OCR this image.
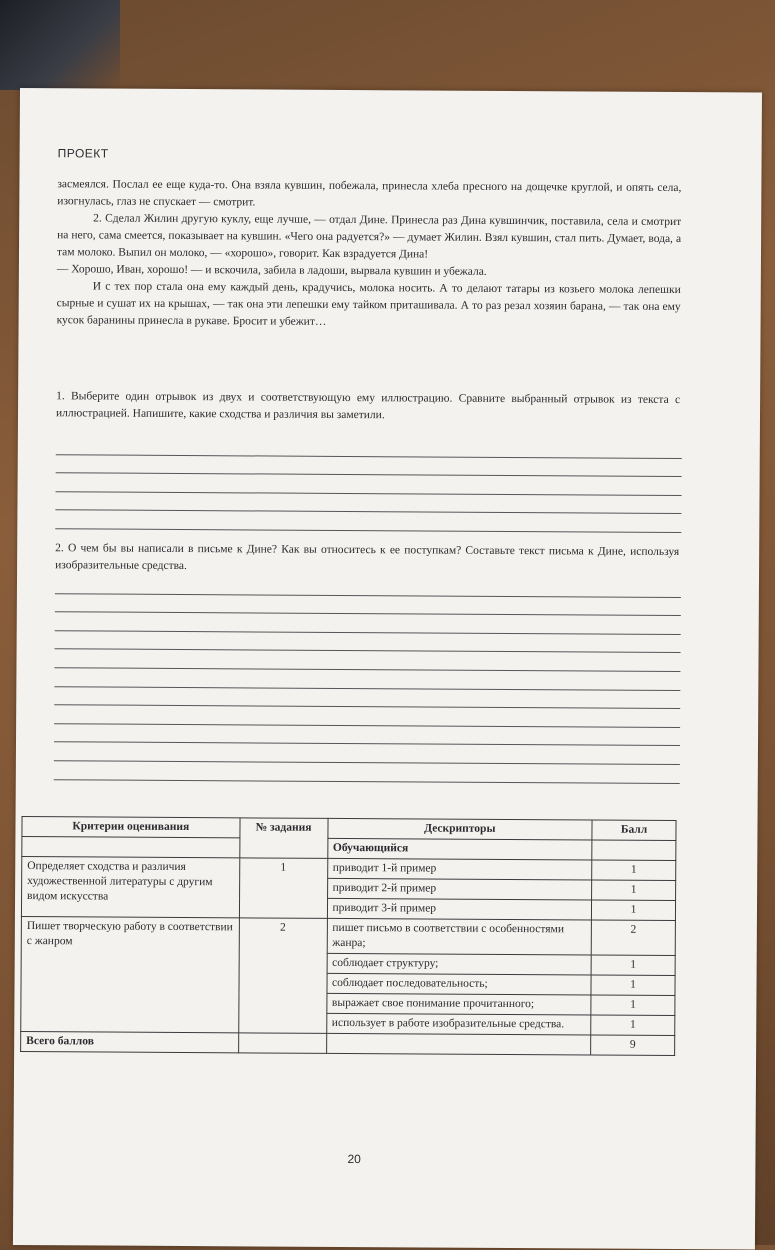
ПРОЕКТ

засмеялся. Послал ее еще куда-то. Она взяла кувшин, побежала, принесла хлеба пресного на дощечке круглой, и опять села, изогнулась, глаз не спускает — смотрит.

2. Сделал Жилин другую куклу, еще лучше, — отдал Дине. Принесла раз Дина кувшинчик, поставила, села и смотрит на него, сама смеется, показывает на кувшин. «Чего она радуется?» — думает Жилин. Взял кувшин, стал пить. Думает, вода, а там молоко. Выпил он молоко, — «хорошо», говорит. Как взрадуется Дина!

— Хорошо, Иван, хорошо! — и вскочила, забила в ладоши, вырвала кувшин и убежала.

И с тех пор стала она ему каждый день, крадучись, молока носить. А то делают татары из козьего молока лепешки сырные и сушат их на крышах, — так она эти лепешки ему тайком приташивала. А то раз резал хозяин барана, — так она ему кусок баранины принесла в рукаве. Бросит и убежит…

1. Выберите один отрывок из двух и соответствующую ему иллюстрацию. Сравните выбранный отрывок из текста с иллюстрацией. Напишите, какие сходства и различия вы заметили.
2. О чем бы вы написали в письме к Дине? Как вы относитесь к ее поступкам? Составьте текст письма к Дине, используя изобразительные средства.
Критерии оценивания	№ задания	Дескрипторы	Балл
		Обучающийся	
Определяет сходства и различия художественной литературы с другим видом искусства	1	приводит 1-й пример	1
		приводит 2-й пример	1
		приводит 3-й пример	1
Пишет творческую работу в соответствии с жанром	2	пишет письмо в соответствии с особенностями жанра;	2
		соблюдает структуру;	1
		соблюдает последовательность;	1
		выражает свое понимание прочитанного;	1
		использует в работе изобразительные средства.	1
Всего баллов			9
20
